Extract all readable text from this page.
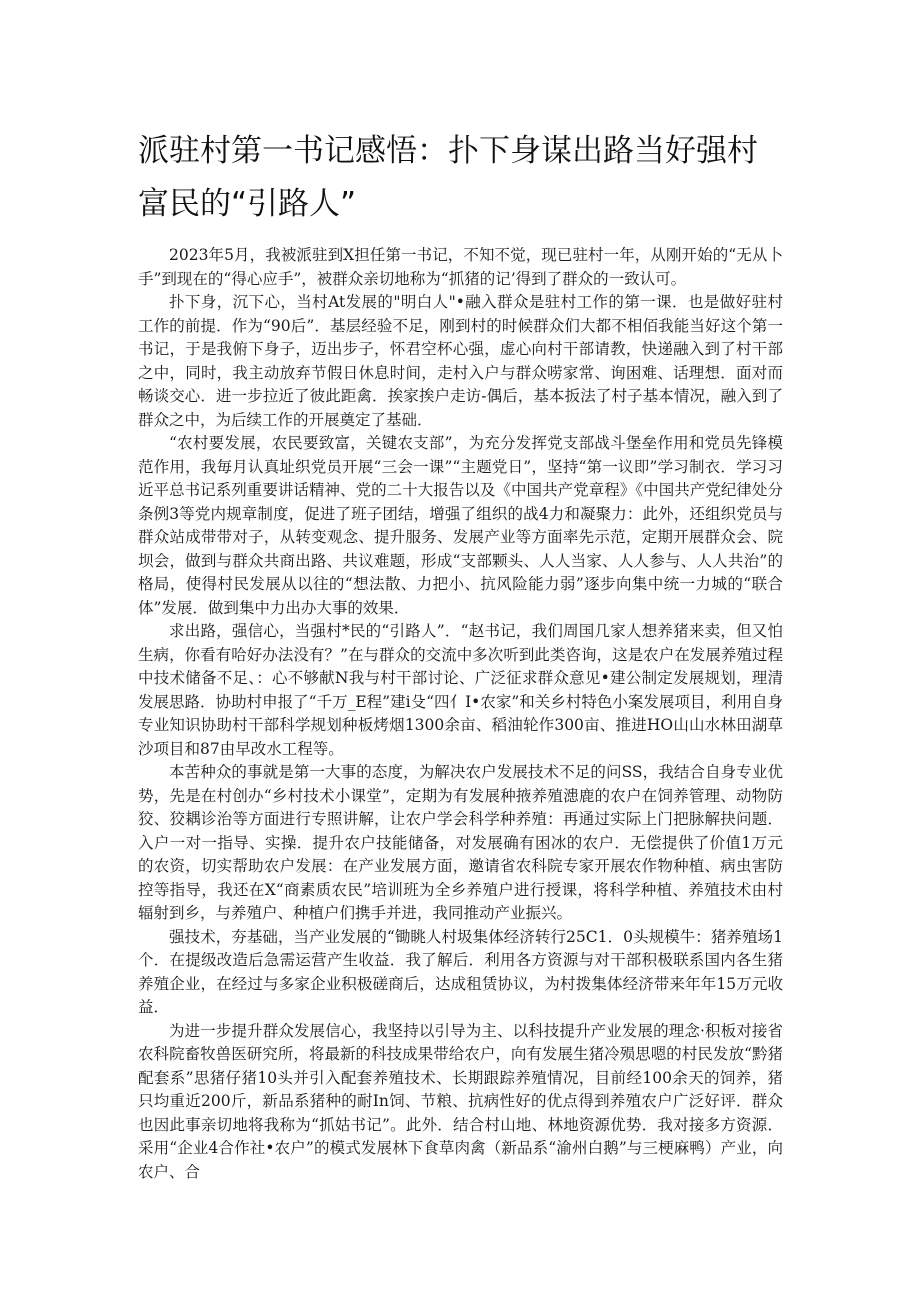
派驻村第一书记感悟：扑下身谋出路当好强村富民的“引路人”

2023年5月，我被派驻到X担任第一书记，不知不觉，现已驻村一年，从刚开始的“无从卜手”到现在的“得心应手”，被群众亲切地称为“抓猪的记’得到了群众的一致认可。

扑下身，沉下心，当村At发展的"明白人"•融入群众是驻村工作的第一课．也是做好驻村工作的前提．作为“90后”．基层经验不足，刚到村的时候群众们大都不相佰我能当好这个第一书记，于是我俯下身子，迈出步子，怀君空杯心强，虚心向村干部请教，快递融入到了村干部之中，同时，我主动放弃节假日休息时间，走村入户与群众唠家常、询困难、话理想．面对而畅谈交心．进一步拉近了彼此距禽．挨家挨户走访-偶后，基本扳法了村子基本情况，融入到了群众之中，为后续工作的开展奠定了基础．

“农村要发展，农民要致富，关键农支部”，为充分发挥党支部战斗堡垒作用和党员先锋模范作用，我毎月认真址织党员开展“三会一课”“主题党日”，坚持“第一议即”学习制衣．学习习近平总书记系列重要讲话精神、党的二十大报告以及《中国共产党章程》《中国共产党纪律处分条例3等党内规章制度，促进了班子团结，增强了组织的战4力和凝聚力：此外，还组织党员与群众站成带带对子，从转变观念、提升服务、发展产业等方面率先示范，定期开展群众会、院坝会，做到与群众共商出路、共议难题，形成“支部颗头、人人当家、人人参与、人人共治”的格局，使得村民发展从以往的“想法散、力把小、抗风险能力弱”逐步向集中统一力城的“联合体”发展．做到集中力出办大事的效果．

求出路，强信心，当强村*民的“引路人”．“赵书记，我们周国几家人想养猪来卖，但又怕生病，你看有哈好办法没有？”在与群众的交流中多次听到此类咨询，这是农户在发展养殖过程中技术储备不足、：心不够献N我与村干部讨论、广泛征求群众意见•建公制定发展规划，理清发展思路．协助村申报了“千万_E程”建i殳“四亻I•农家”和关乡村特色小案发展项目，利用自身专业知识协助村干部科学规划种板烤烟1300余亩、稻油轮作300亩、推进HO山山水林田湖草沙项目和87由早改水工程等。

本苦种众的事就是第一大事的态度，为解决农户发展技术不足的问SS，我结合自身专业优势，先是在村创办“乡村技术小课堂”，定期为有发展种掖养殖漶鹿的农户在饲养管理、动物防狡、狡耦诊治等方面进行专照讲解，让农户学会科学种养殖：再通过实际上门把脉解抉问题．入户一对一指导、实操．提升农户技能储备，对发展确有困冰的农户．无偿提供了价值1万元的农资，切实帮助农户发展：在产业发展方面，邀请省农科院专家开展农作物种植、病虫害防控等指导，我还在X“商素质农民”培训班为全乡养殖户进行授课，将科学种植、养殖技术由村辐射到乡，与养殖户、种植户们携手并进，我同推动产业振兴。

强技术，夯基础，当产业发展的“锄眺人村圾集体经济转行25C1．0头规模牛：猪养殖场1个．在提级改造后急需运营产生收益．我了解后．利用各方资源与对干部积极联系国内各生猪养殖企业，在经过与多家企业积极磋商后，达成租赁协议，为村拨集体经济带来年年15万元收益．

为进一步提升群众发展信心，我坚持以引导为主、以科技提升产业发展的理念·积板对接省农科院畜牧兽医研究所，将最新的科技成果带给农户，向有发展生猪冷殒思嗯的村民发放“黔猪配套系”思猪仔猪10头并引入配套养殖技术、长期跟踪养殖情况，目前经100余天的饲养，猪只均重近200斤，新品系猪种的耐In饲、节粮、抗病性好的优点得到养殖农户广泛好评．群众也因此事亲切地将我称为“抓姑书记”。此外．结合村山地、林地资源优势．我对接多方资源．采用“企业4合作社•农户”的模式发展林下食草肉禽（新品系“渝州白鹅”与三梗麻鸭）产业，向农户、合
